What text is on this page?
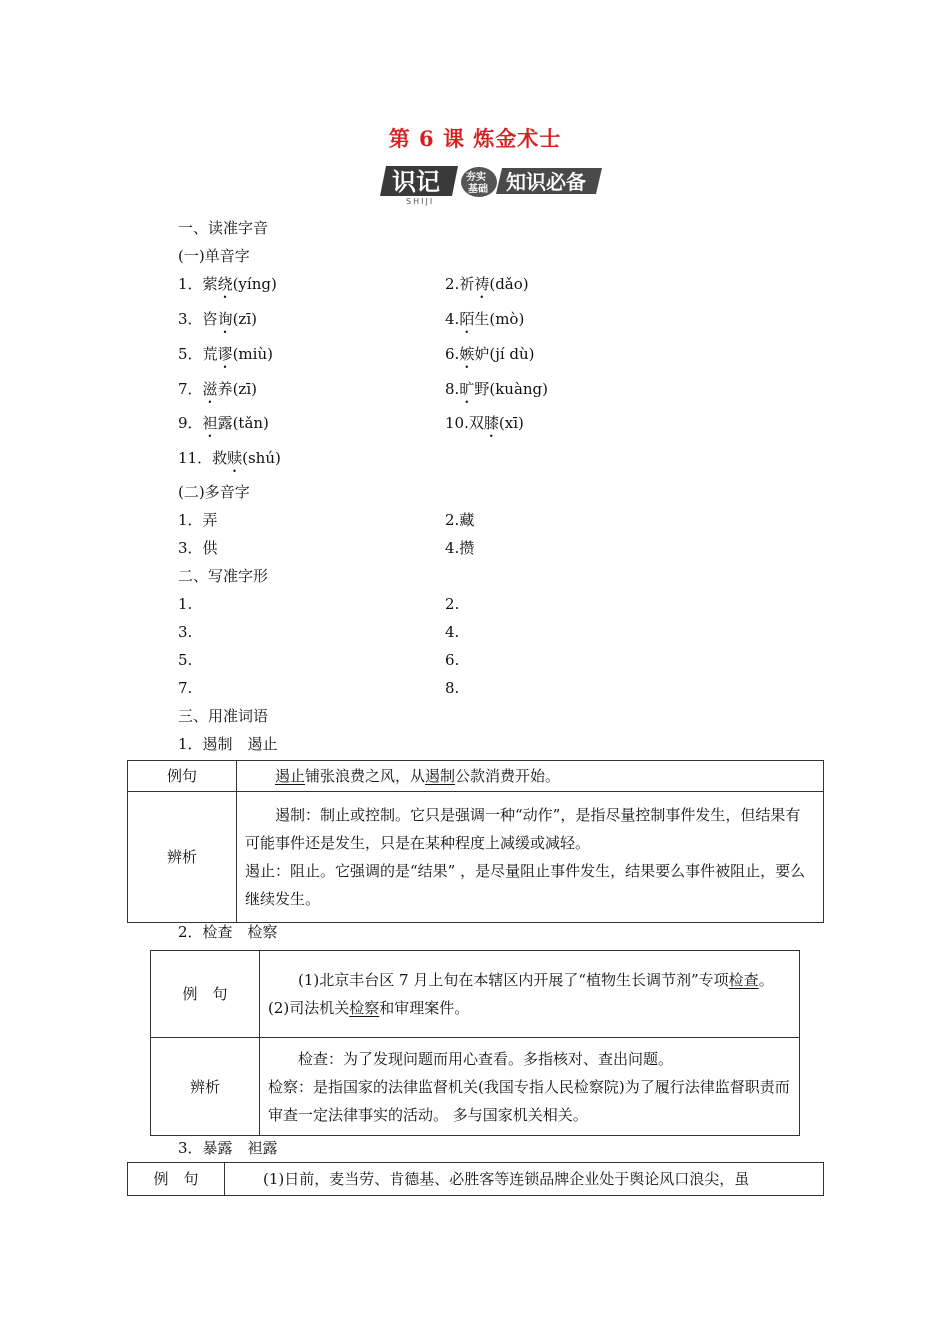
第 6 课 炼金术士
识记
SHIJI
夯实
基础 知识必备
一、读准字音
(一)单音字
1．萦绕(yíng)	2.祈祷(dǎo)
3．咨询(zī)	4.陌生(mò)
5．荒谬(miù)	6.嫉妒(jí dù)
7．滋养(zī)	8.旷野(kuàng)
9．袒露(tǎn)	10.双膝(xī)
11．救赎(shú)
(二)多音字
1．弄	2.藏
3．供	4.攒
二、写准字形
1.	2.
3.	4.
5.	6.
7.	8.
三、用准词语
1．遏制　遏止
例句	遏止铺张浪费之风，从遏制公款消费开始。

辨析	遏制：制止或控制。它只是强调一种“动作”，是指尽量控制事件发生，但结果有可能事件还是发生，只是在某种程度上减缓或减轻。

遏止：阻止。它强调的是“结果” ，是尽量阻止事件发生，结果要么事件被阻止，要么继续发生。

2．检查　检察
例　句	(1)北京丰台区 7 月上旬在本辖区内开展了“植物生长调节剂”专项检查。

(2)司法机关检察和审理案件。

辨析	检查：为了发现问题而用心查看。多指核对、查出问题。

检察：是指国家的法律监督机关(我国专指人民检察院)为了履行法律监督职责而审查一定法律事实的活动。 多与国家机关相关。

3．暴露　袒露
例　句	(1)日前，麦当劳、肯德基、必胜客等连锁品牌企业处于舆论风口浪尖，虽
